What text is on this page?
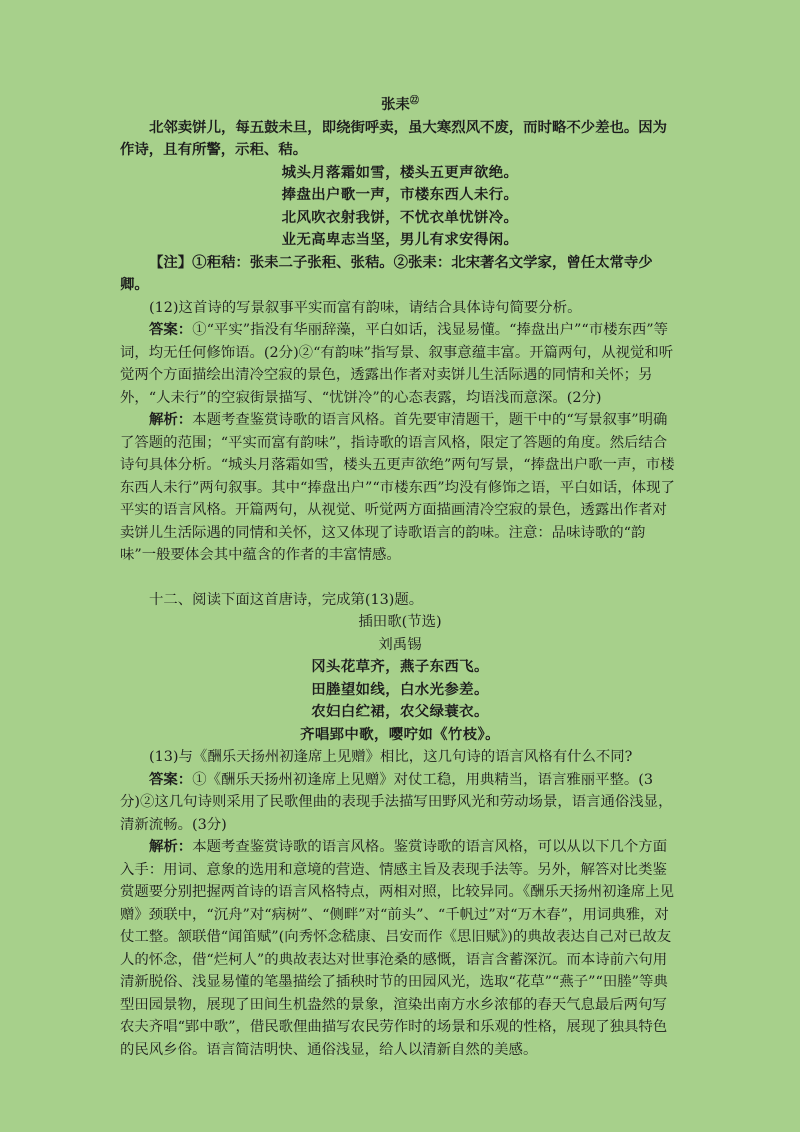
张耒$^㉒$

北邻卖饼儿，每五鼓未旦，即绕街呼卖，虽大寒烈风不废，而时略不少差也。因为作诗，且有所警，示秬、秸。

城头月落霜如雪，楼头五更声欲绝。

捧盘出户歌一声，市楼东西人未行。

北风吹衣射我饼，不忧衣单忧饼冷。

业无高卑志当坚，男儿有求安得闲。

【注】①秬秸：张耒二子张秬、张秸。②张耒：北宋著名文学家，曾任太常寺少卿。

(12)这首诗的写景叙事平实而富有韵味，请结合具体诗句简要分析。

答案：①“平实”指没有华丽辞藻，平白如话，浅显易懂。“捧盘出户”“市楼东西”等词，均无任何修饰语。(2分)②“有韵味”指写景、叙事意蕴丰富。开篇两句，从视觉和听觉两个方面描绘出清冷空寂的景色，透露出作者对卖饼儿生活际遇的同情和关怀；另外，“人未行”的空寂街景描写、“忧饼冷”的心态表露，均语浅而意深。(2分)

解析：本题考查鉴赏诗歌的语言风格。首先要审清题干，题干中的“写景叙事”明确了答题的范围；“平实而富有韵味”，指诗歌的语言风格，限定了答题的角度。然后结合诗句具体分析。“城头月落霜如雪，楼头五更声欲绝”两句写景，“捧盘出户歌一声，市楼东西人未行”两句叙事。其中“捧盘出户”“市楼东西”均没有修饰之语，平白如话，体现了平实的语言风格。开篇两句，从视觉、听觉两方面描画清冷空寂的景色，透露出作者对卖饼儿生活际遇的同情和关怀，这又体现了诗歌语言的韵味。注意：品味诗歌的“韵味”一般要体会其中蕴含的作者的丰富情感。

十二、阅读下面这首唐诗，完成第(13)题。

插田歌(节选)

刘禹锡

冈头花草齐，燕子东西飞。

田塍望如线，白水光参差。

农妇白纻裙，农父绿蓑衣。

齐唱郢中歌，嘤咛如《竹枝》。

(13)与《酬乐天扬州初逢席上见赠》相比，这几句诗的语言风格有什么不同?

答案：①《酬乐天扬州初逢席上见赠》对仗工稳，用典精当，语言雅丽平整。(3分)②这几句诗则采用了民歌俚曲的表现手法描写田野风光和劳动场景，语言通俗浅显，清新流畅。(3分)

解析：本题考查鉴赏诗歌的语言风格。鉴赏诗歌的语言风格，可以从以下几个方面入手：用词、意象的选用和意境的营造、情感主旨及表现手法等。另外，解答对比类鉴赏题要分别把握两首诗的语言风格特点，两相对照，比较异同。《酬乐天扬州初逢席上见赠》颈联中，“沉舟”对“病树”、“侧畔”对“前头”、“千帆过”对“万木春”，用词典雅，对仗工整。颔联借“闻笛赋”(向秀怀念嵇康、吕安而作《思旧赋》)的典故表达自己对已故友人的怀念，借“烂柯人”的典故表达对世事沧桑的感慨，语言含蓄深沉。而本诗前六句用清新脱俗、浅显易懂的笔墨描绘了插秧时节的田园风光，选取“花草”“燕子”“田塍”等典型田园景物，展现了田间生机盎然的景象，渲染出南方水乡浓郁的春天气息最后两句写农夫齐唱“郢中歌”，借民歌俚曲描写农民劳作时的场景和乐观的性格，展现了独具特色的民风乡俗。语言简洁明快、通俗浅显，给人以清新自然的美感。
